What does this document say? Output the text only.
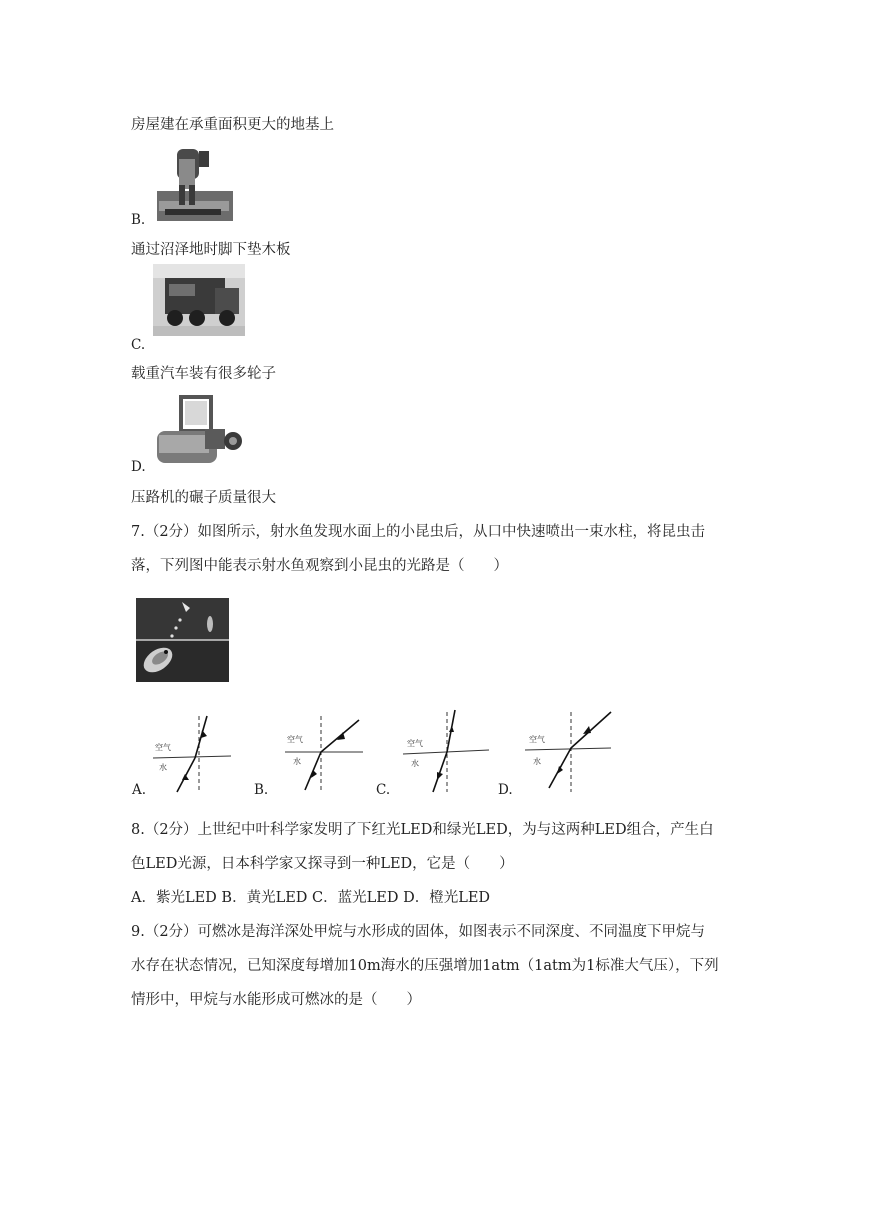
房屋建在承重面积更大的地基上
B.
通过沼泽地时脚下垫木板
C.
载重汽车装有很多轮子
D.
压路机的碾子质量很大
7.（2分）如图所示，射水鱼发现水面上的小昆虫后，从口中快速喷出一束水柱，将昆虫击
落，下列图中能表示射水鱼观察到小昆虫的光路是（　　）
空气
水
A.
空气
水
B.
空气
水
C.
空气
水
D.
8.（2分）上世纪中叶科学家发明了下红光LED和绿光LED，为与这两种LED组合，产生白
色LED光源，日本科学家又探寻到一种LED，它是（　　）
A．紫光LED B．黄光LED C．蓝光LED D．橙光LED
9.（2分）可燃冰是海洋深处甲烷与水形成的固体，如图表示不同深度、不同温度下甲烷与
水存在状态情况，已知深度每增加10m海水的压强增加1atm（1atm为1标准大气压），下列
情形中，甲烷与水能形成可燃冰的是（　　）
